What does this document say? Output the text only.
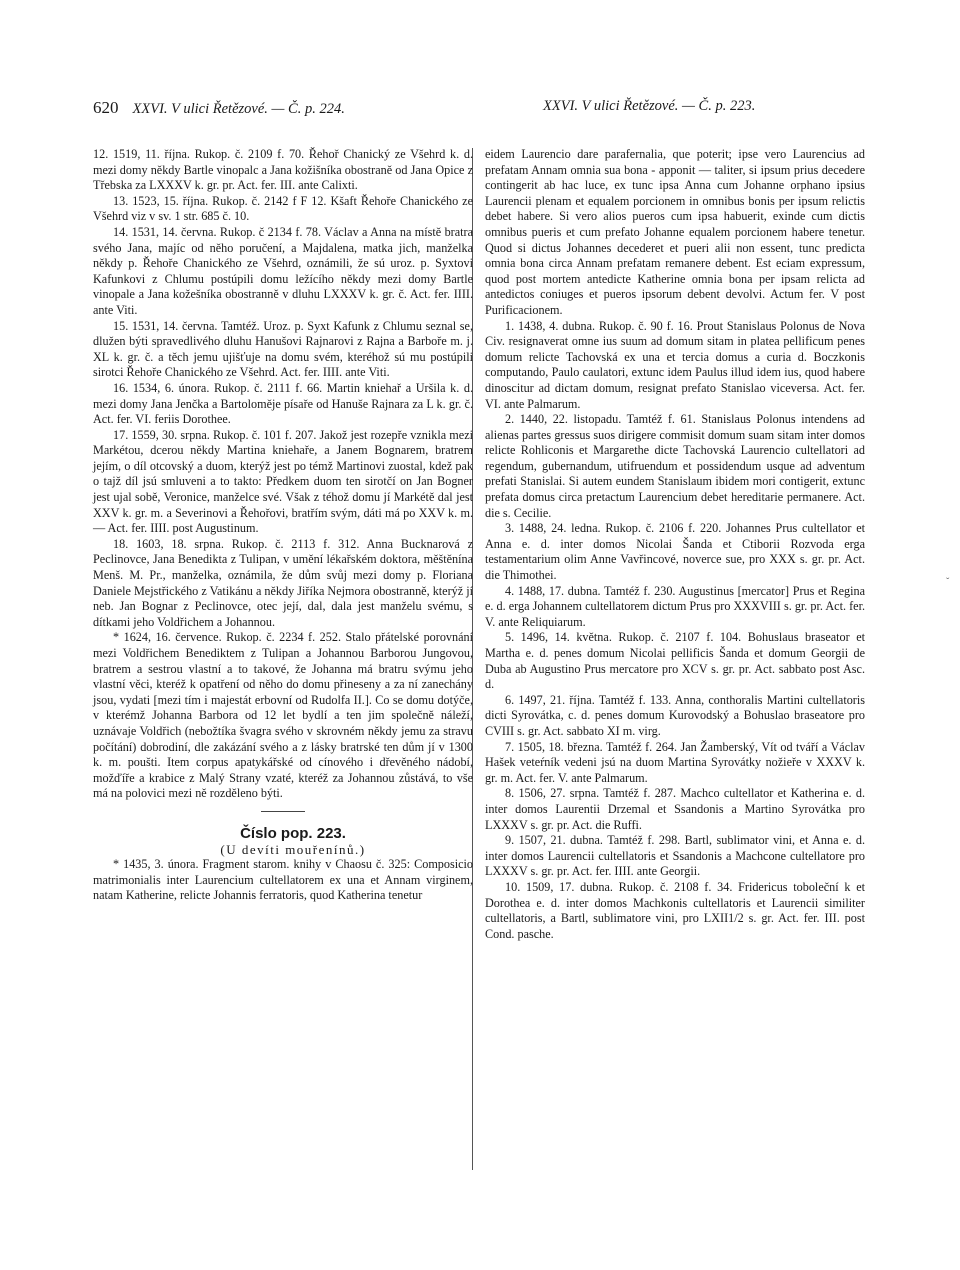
620 XXVI. V ulici Řetězové. — Č. p. 224.	XXVI. V ulici Řetězové. — Č. p. 223.

12. 1519, 11. října. Rukop. č. 2109 f. 70. Řehoř Chanický ze Všehrd k. d. mezi domy někdy Bartle vinopalc a Jana kožišníka obostraně od Jana Opice z Třebska za LXXXV k. gr. pr. Act. fer. III. ante Calixti.

13. 1523, 15. října. Rukop. č. 2142 f F 12. Kšaft Řehoře Chanického ze Všehrd viz v sv. 1 str. 685 č. 10.

14. 1531, 14. června. Rukop. č 2134 f. 78. Václav a Anna na místě bratra svého Jana, majíc od něho poručení, a Majdalena, matka jich, manželka někdy p. Řehoře Chanického ze Všehrd, oznámili, že sú uroz. p. Syxtovi Kafunkovi z Chlumu postúpili domu ležícího někdy mezi domy Bartle vinopale a Jana kožešníka obostranně v dluhu LXXXV k. gr. č. Act. fer. IIII. ante Viti.

15. 1531, 14. června. Tamtéž. Uroz. p. Syxt Kafunk z Chlumu seznal se, dlužen býti spravedlivého dluhu Hanušovi Rajnarovi z Rajna a Barboře m. j. XL k. gr. č. a těch jemu ujišťuje na domu svém, kteréhož sú mu postúpili sirotci Řehoře Chanického ze Všehrd. Act. fer. IIII. ante Viti.

16. 1534, 6. února. Rukop. č. 2111 f. 66. Martin kniehař a Uršila k. d. mezi domy Jana Jenčka a Bartoloměje písaře od Hanuše Rajnara za L k. gr. č. Act. fer. VI. feriis Dorothee.

17. 1559, 30. srpna. Rukop. č. 101 f. 207. Jakož jest rozepře vznikla mezi Markétou, dcerou někdy Martina kniehaře, a Janem Bognarem, bratrem jejím, o díl otcovský a duom, kterýž jest po témž Martinovi zuostal, kdež pak o tajž díl jsú smluveni a to takto: Předkem duom ten sirotčí on Jan Bogner jest ujal sobě, Veronice, manželce své. Však z téhož domu jí Markétě dal jest XXV k. gr. m. a Severinovi a Řehořovi, bratřím svým, dáti má po XXV k. m. — Act. fer. IIII. post Augustinum.

18. 1603, 18. srpna. Rukop. č. 2113 f. 312. Anna Bucknarová z Peclinovce, Jana Benedikta z Tulipan, v umění lékařském doktora, měštěnína Menš. M. Pr., manželka, oznámila, že dům svůj mezi domy p. Floriana Daniele Mejstřického z Vatikánu a někdy Jiříka Nejmora obostranně, kterýž jí neb. Jan Bognar z Peclinovce, otec její, dal, dala jest manželu svému, s dítkami jeho Voldřichem a Johannou.

* 1624, 16. července. Rukop. č. 2234 f. 252. Stalo přátelské porovnání mezi Voldřichem Benediktem z Tulipan a Johannou Barborou Jungovou, bratrem a sestrou vlastní a to takové, že Johanna má bratru svýmu jeho vlastní věci, kteréž k opatření od něho do domu přineseny a za ní zanechány jsou, vydati [mezi tím i majestát erbovní od Rudolfa II.]. Co se domu dotýče, v kterémž Johanna Barbora od 12 let bydlí a ten jim společně náleží, uznávaje Voldřich (nebožtíka švagra svého v skrovném někdy jemu za stravu počítání) dobrodiní, dle zakázání svého a z lásky bratrské ten dům jí v 1300 k. m. poušti. Item corpus apatykářské od cínového i dřevěného nádobí, možďíře a krabice z Malý Strany vzaté, kteréž za Johannou zůstává, to vše má na polovici mezi ně rozděleno býti.

Číslo pop. 223.

(U devíti mouřenínů.)

* 1435, 3. února. Fragment starom. knihy v Chaosu č. 325: Composicio matrimonialis inter Laurencium cultellatorem ex una et Annam virginem, natam Katherine, relicte Johannis ferratoris, quod Katherina tenetur

eidem Laurencio dare parafernalia, que poterit; ipse vero Laurencius ad prefatam Annam omnia sua bona - apponit — taliter, si ipsum prius decedere contingerit ab hac luce, ex tunc ipsa Anna cum Johanne orphano ipsius Laurencii plenam et equalem porcionem in omnibus bonis per ipsum relictis debet habere. Si vero alios pueros cum ipsa habuerit, exinde cum dictis omnibus pueris et cum prefato Johanne equalem porcionem habere tenetur. Quod si dictus Johannes decederet et pueri alii non essent, tunc predicta omnia bona circa Annam prefatam remanere debent. Est eciam expressum, quod post mortem antedicte Katherine omnia bona per ipsam relicta ad antedictos coniuges et pueros ipsorum debent devolvi. Actum fer. V post Purificacionem.

1. 1438, 4. dubna. Rukop. č. 90 f. 16. Prout Stanislaus Polonus de Nova Civ. resignaverat omne ius suum ad domum sitam in platea pellificum penes domum relicte Tachovská ex una et tercia domus a curia d. Boczkonis computando, Paulo caulatori, extunc idem Paulus illud idem ius, quod habere dinoscitur ad dictam domum, resignat prefato Stanislao viceversa. Act. fer. VI. ante Palmarum.

2. 1440, 22. listopadu. Tamtéž f. 61. Stanislaus Polonus intendens ad alienas partes gressus suos dirigere commisit domum suam sitam inter domos relicte Rohliconis et Margarethe dicte Tachovská Laurencio cultellatori ad regendum, gubernandum, utifruendum et possidendum usque ad adventum prefati Stanislai. Si autem eundem Stanislaum ibidem mori contigerit, extunc prefata domus circa pretactum Laurencium debet hereditarie permanere. Act. die s. Cecilie.

3. 1488, 24. ledna. Rukop. č. 2106 f. 220. Johannes Prus cultellator et Anna e. d. inter domos Nicolai Šanda et Ctiborii Rozvoda erga testamentarium olim Anne Vavřincové, noverce sue, pro XXX s. gr. pr. Act. die Thimothei.

4. 1488, 17. dubna. Tamtéž f. 230. Augustinus [mercator] Prus et Regina e. d. erga Johannem cultellatorem dictum Prus pro XXXVIII s. gr. pr. Act. fer. V. ante Reliquiarum.

5. 1496, 14. května. Rukop. č. 2107 f. 104. Bohuslaus braseator et Martha e. d. penes domum Nicolai pellificis Šanda et domum Georgii de Duba ab Augustino Prus mercatore pro XCV s. gr. pr. Act. sabbato post Asc. d.

6. 1497, 21. října. Tamtéž f. 133. Anna, conthoralis Martini cultellatoris dicti Syrovátka, c. d. penes domum Kurovodský a Bohuslao braseatore pro CVIII s. gr. Act. sabbato XI m. virg.

7. 1505, 18. března. Tamtéž f. 264. Jan Žamberský, Vít od tváří a Václav Hašek veteŕník vedeni jsú na duom Martina Syrovátky nožieře v XXXV k. gr. m. Act. fer. V. ante Palmarum.

8. 1506, 27. srpna. Tamtéž f. 287. Machco cultellator et Katherina e. d. inter domos Laurentii Drzemal et Ssandonis a Martino Syrovátka pro LXXXV s. gr. pr. Act. die Ruffi.

9. 1507, 21. dubna. Tamtéž f. 298. Bartl, sublimator vini, et Anna e. d. inter domos Laurencii cultellatoris et Ssandonis a Machcone cultellatore pro LXXXV s. gr. pr. Act. fer. IIII. ante Georgii.

10. 1509, 17. dubna. Rukop. č. 2108 f. 34. Fridericus toboleční k et Dorothea e. d. inter domos Machkonis cultellatoris et Laurencii similiter cultellatoris, a Bartl, sublimatore vini, pro LXII1/2 s. gr. Act. fer. III. post Cond. pasche.

ˇ
